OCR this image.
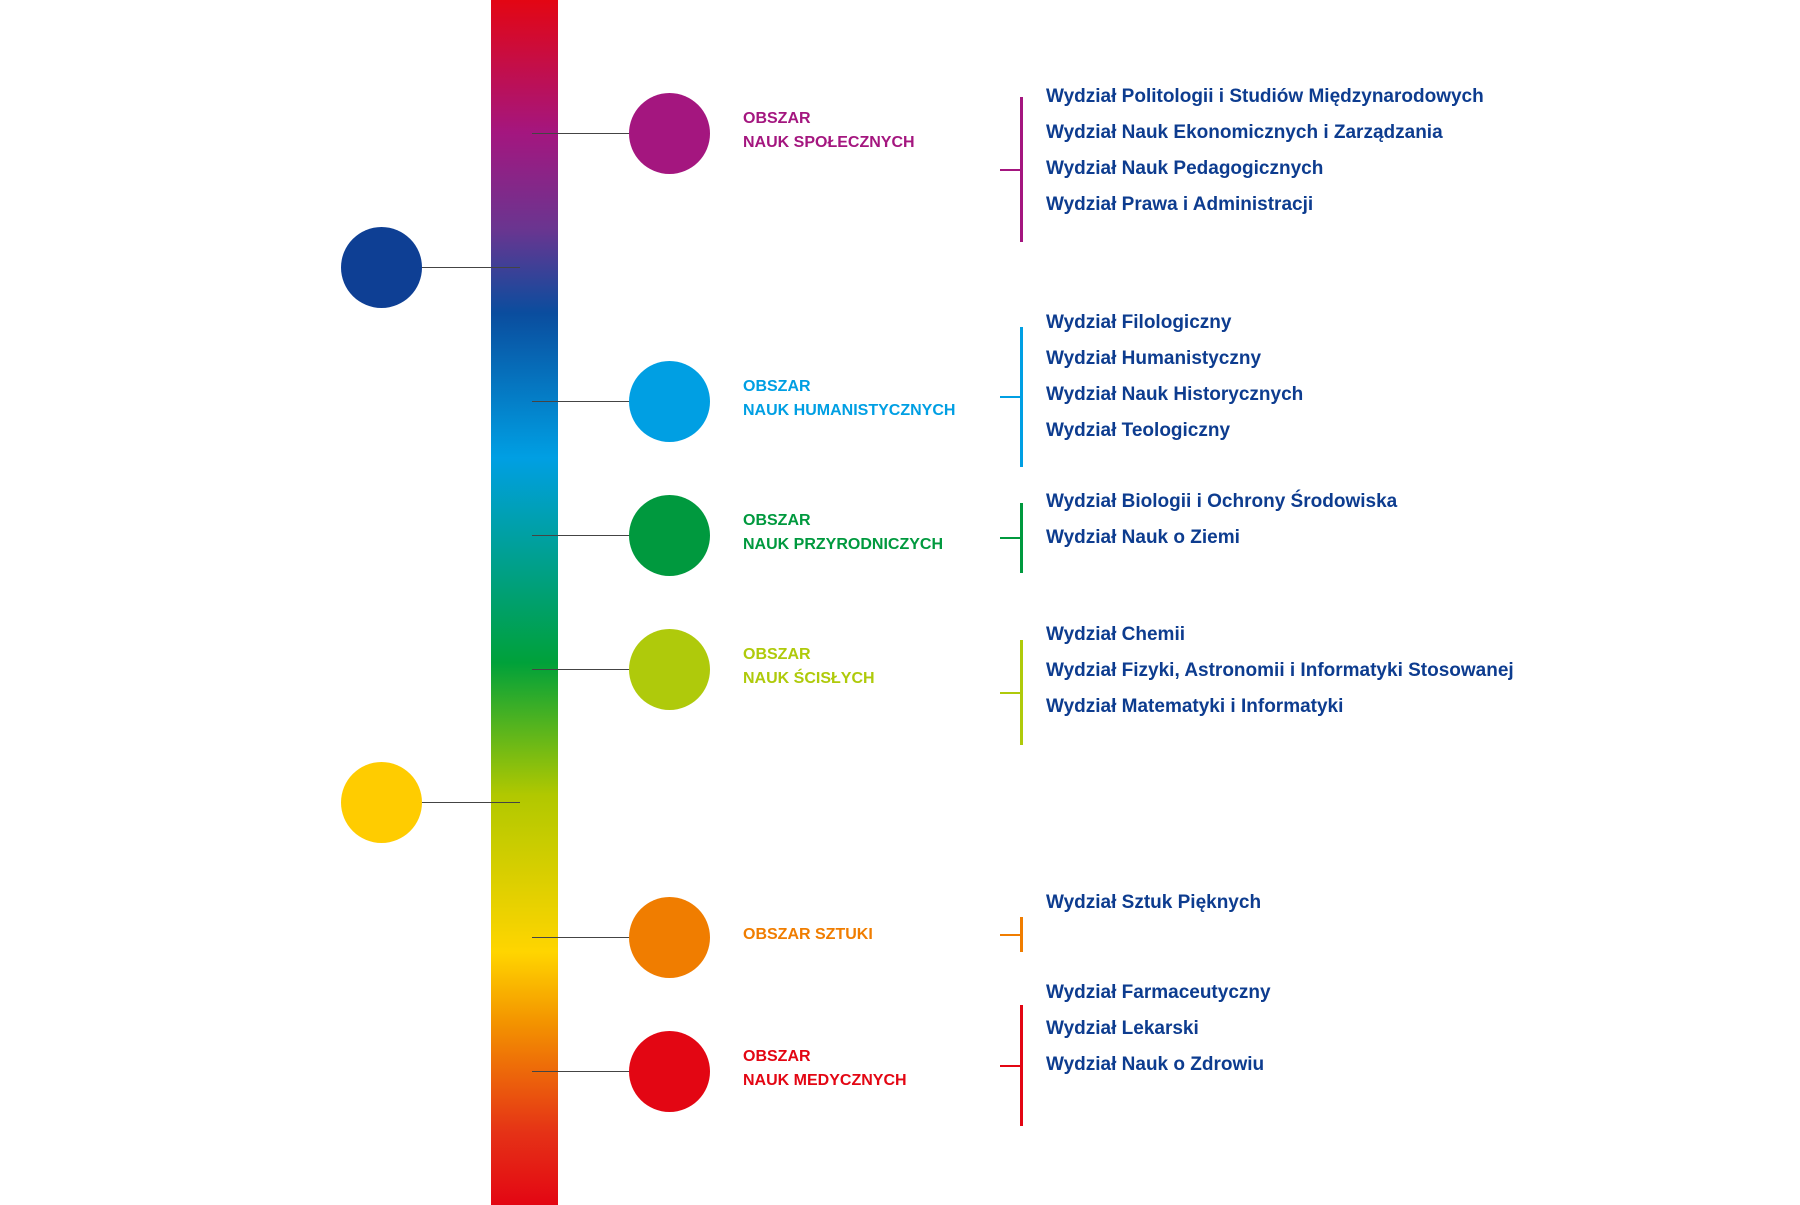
OBSZAR
NAUK SPOŁECZNYCH
Wydział Politologii i Studiów Międzynarodowych
Wydział Nauk Ekonomicznych i Zarządzania
Wydział Nauk Pedagogicznych
Wydział Prawa i Administracji
OBSZAR
NAUK HUMANISTYCZNYCH
Wydział Filologiczny
Wydział Humanistyczny
Wydział Nauk Historycznych
Wydział Teologiczny
OBSZAR
NAUK PRZYRODNICZYCH
Wydział Biologii i Ochrony Środowiska
Wydział Nauk o Ziemi
OBSZAR
NAUK ŚCISŁYCH
Wydział Chemii
Wydział Fizyki, Astronomii i Informatyki Stosowanej
Wydział Matematyki i Informatyki
OBSZAR SZTUKI
Wydział Sztuk Pięknych
OBSZAR
NAUK MEDYCZNYCH
Wydział Farmaceutyczny
Wydział Lekarski
Wydział Nauk o Zdrowiu
